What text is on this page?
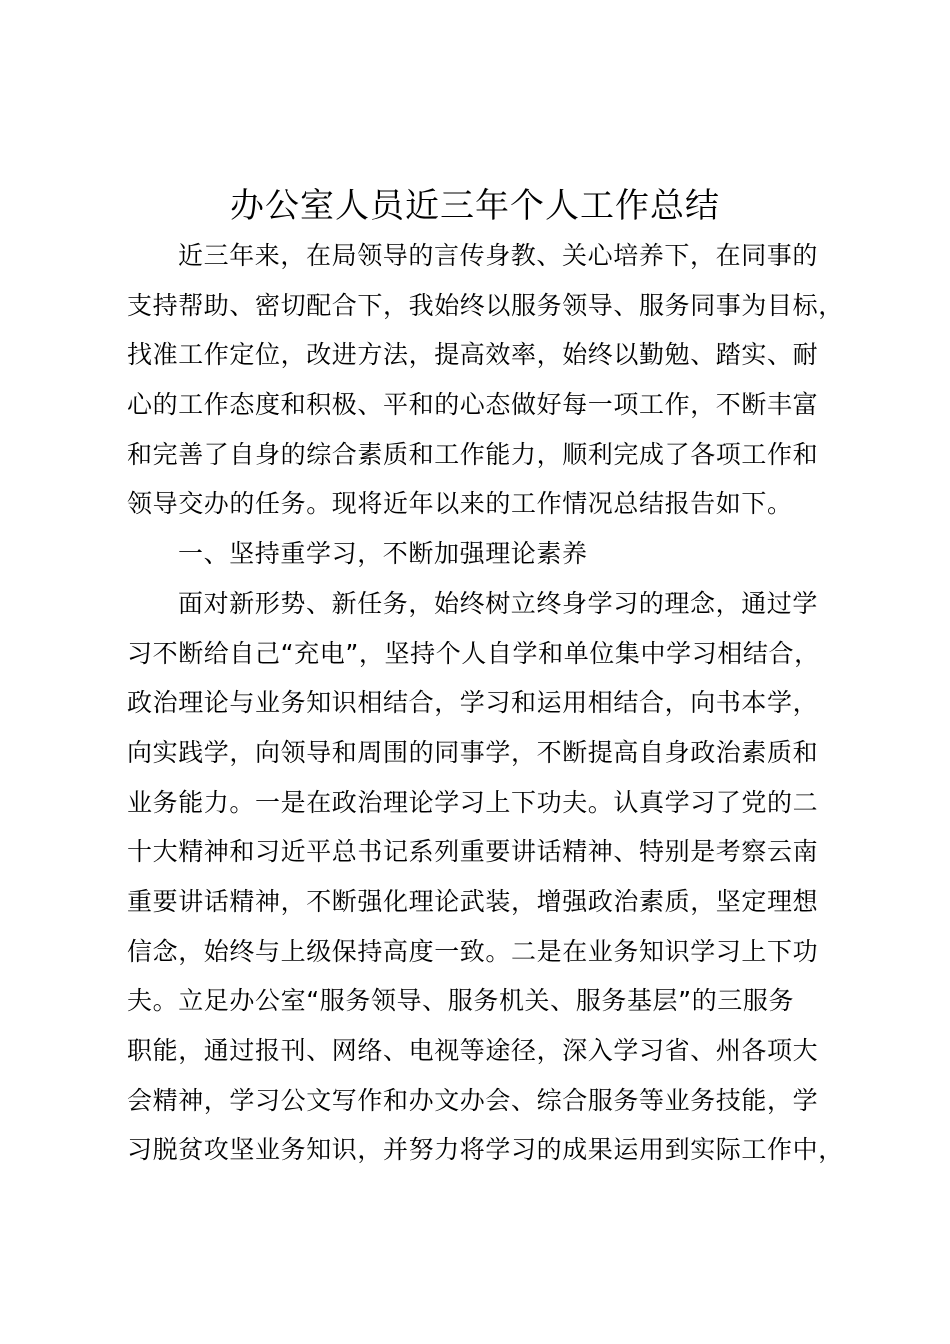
办公室人员近三年个人工作总结
近三年来，在局领导的言传身教、关心培养下，在同事的
支持帮助、密切配合下，我始终以服务领导、服务同事为目标，
找准工作定位，改进方法，提高效率，始终以勤勉、踏实、耐
心的工作态度和积极、平和的心态做好每一项工作，不断丰富
和完善了自身的综合素质和工作能力，顺利完成了各项工作和
领导交办的任务。现将近年以来的工作情况总结报告如下。
一、坚持重学习，不断加强理论素养
面对新形势、新任务，始终树立终身学习的理念，通过学
习不断给自己“充电”，坚持个人自学和单位集中学习相结合，
政治理论与业务知识相结合，学习和运用相结合，向书本学，
向实践学，向领导和周围的同事学，不断提高自身政治素质和
业务能力。一是在政治理论学习上下功夫。认真学习了党的二
十大精神和习近平总书记系列重要讲话精神、特别是考察云南
重要讲话精神，不断强化理论武装，增强政治素质，坚定理想
信念，始终与上级保持高度一致。二是在业务知识学习上下功
夫。立足办公室“服务领导、服务机关、服务基层”的三服务
职能，通过报刊、网络、电视等途径，深入学习省、州各项大
会精神，学习公文写作和办文办会、综合服务等业务技能，学
习脱贫攻坚业务知识，并努力将学习的成果运用到实际工作中，
